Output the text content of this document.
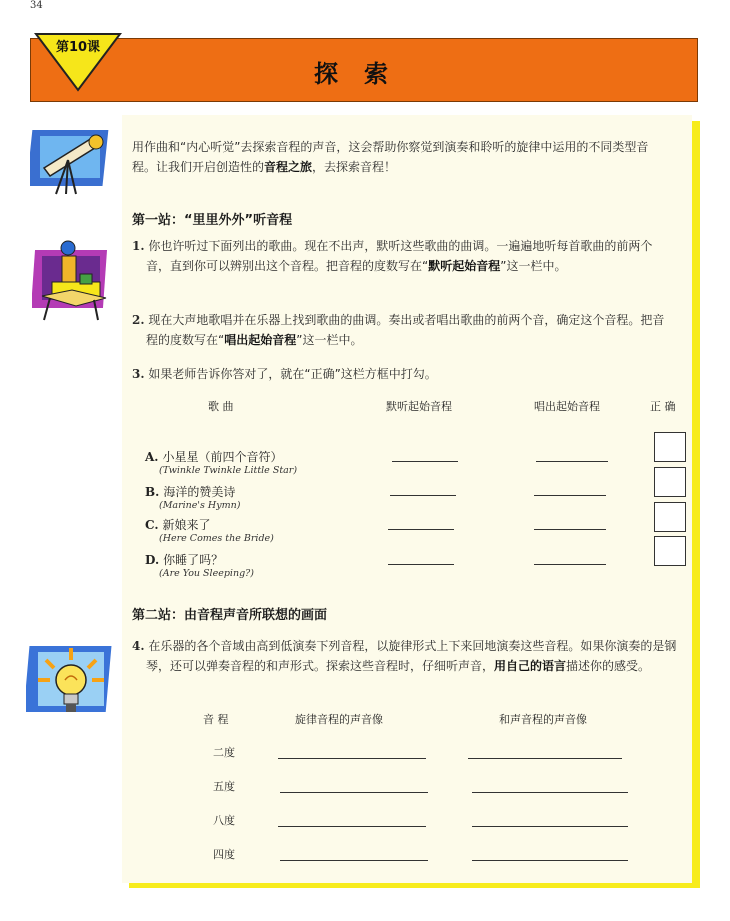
34
探索
第10课
用作曲和“内心听觉”去探索音程的声音，这会帮助你察觉到演奏和聆听的旋律中运用的不同类型音
程。让我们开启创造性的音程之旅，去探索音程！
第一站：“里里外外”听音程
1. 你也许听过下面列出的歌曲。现在不出声，默听这些歌曲的曲调。一遍遍地听每首歌曲的前两个
音，直到你可以辨别出这个音程。把音程的度数写在“默听起始音程”这一栏中。
2. 现在大声地歌唱并在乐器上找到歌曲的曲调。奏出或者唱出歌曲的前两个音，确定这个音程。把音
程的度数写在“唱出起始音程”这一栏中。
3. 如果老师告诉你答对了，就在“正确”这栏方框中打勾。
歌 曲	默听起始音程	唱出起始音程	正 确
A. 小星星（前四个音符）
(Twinkle Twinkle Little Star)
B. 海洋的赞美诗
(Marine's Hymn)
C. 新娘来了
(Here Comes the Bride)
D. 你睡了吗？
(Are You Sleeping?)
第二站：由音程声音所联想的画面
4. 在乐器的各个音域由高到低演奏下列音程，以旋律形式上下来回地演奏这些音程。如果你演奏的是钢
琴，还可以弹奏音程的和声形式。探索这些音程时，仔细听声音，用自己的语言描述你的感受。
音 程	旋律音程的声音像	和声音程的声音像
二度
五度
八度
四度
